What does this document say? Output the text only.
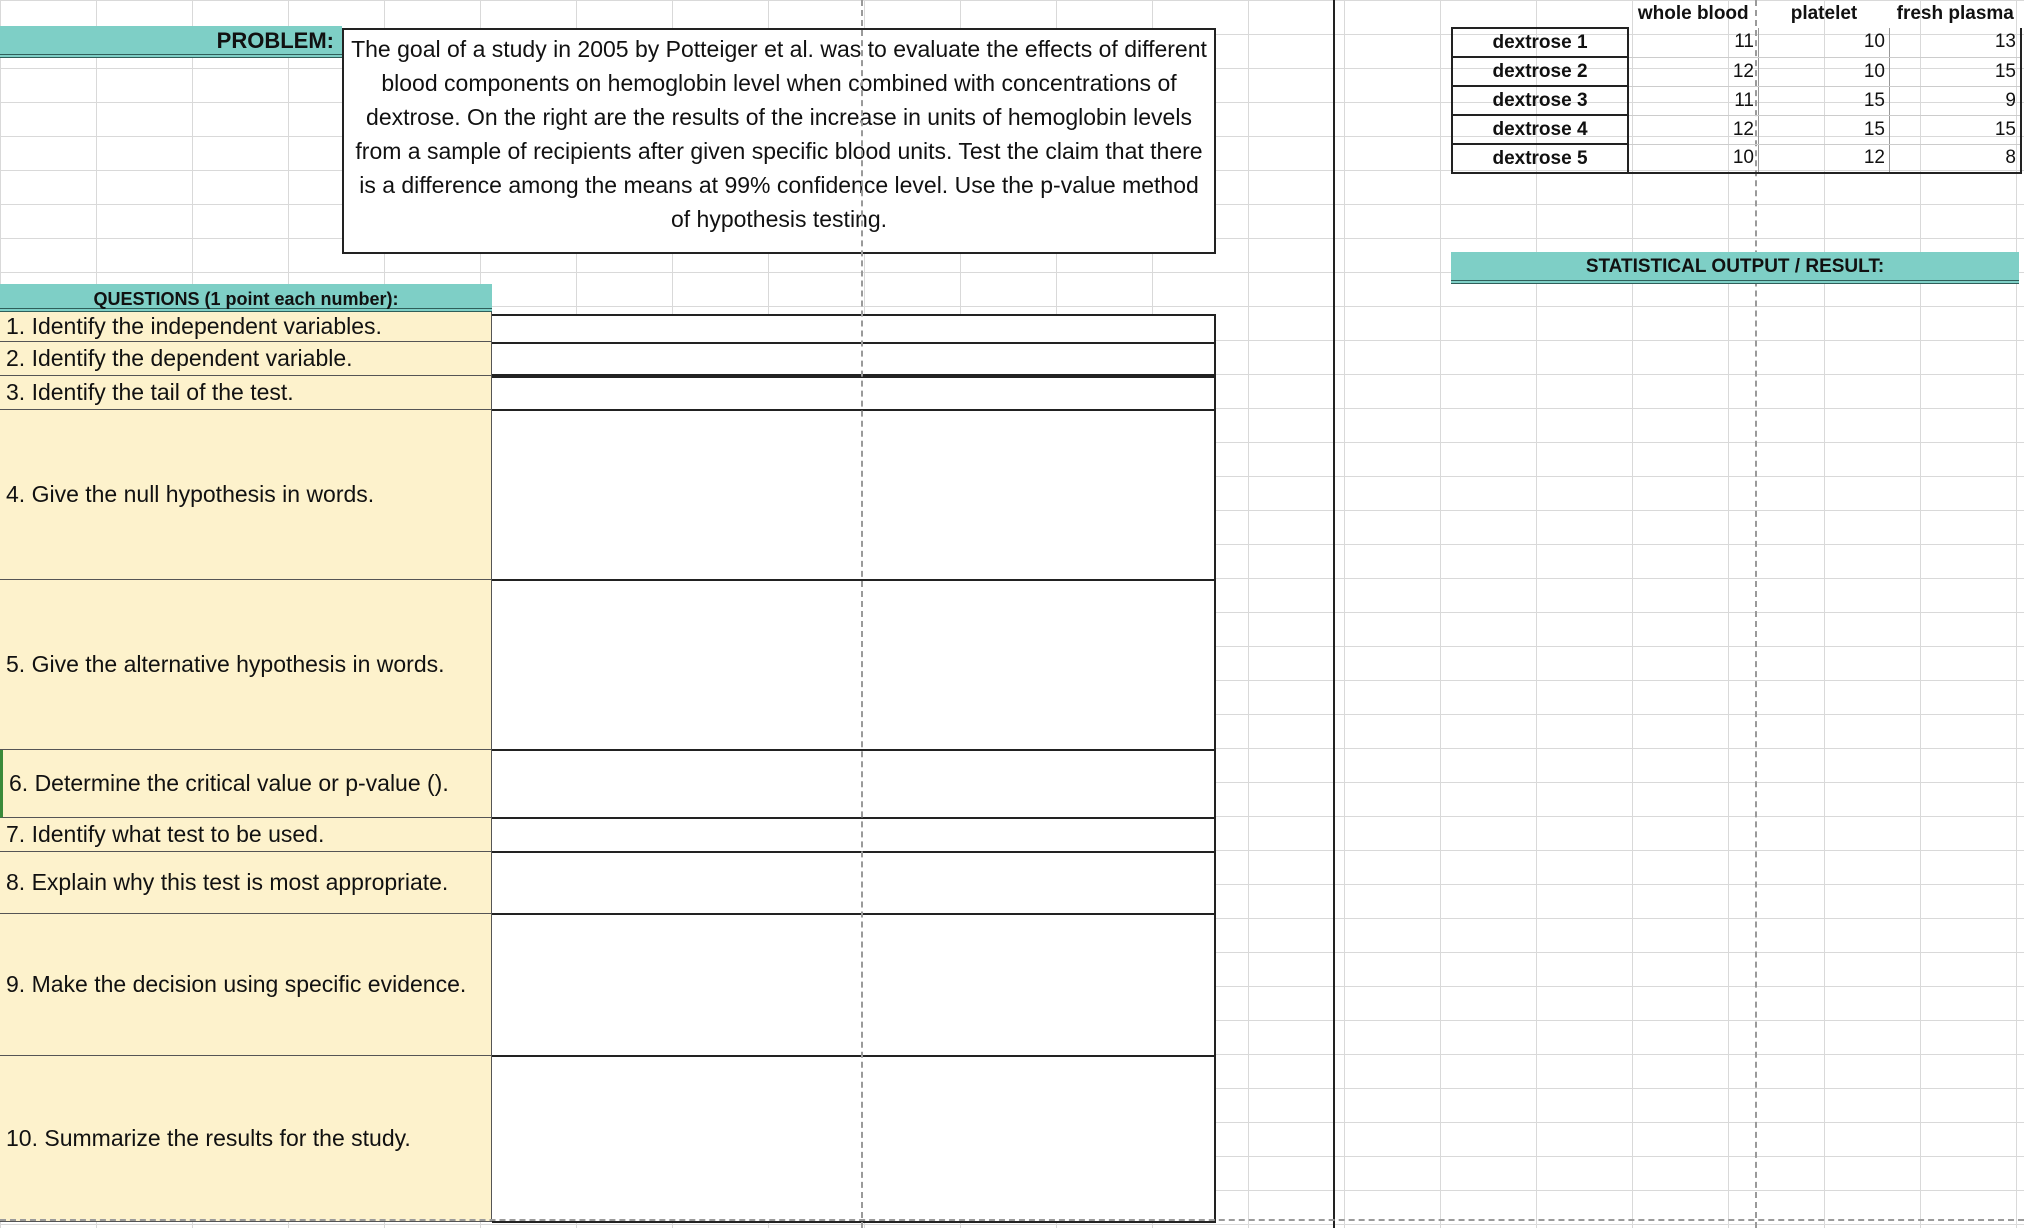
PROBLEM: The goal of a study in 2005 by Potteiger et al. was to evaluate the effects of different blood components on hemoglobin level when combined with concentrations of dextrose. On the right are the results of the increase in units of hemoglobin levels from a sample of recipients after given specific blood units. Test the claim that there is a difference among the means at 99% confidence level. Use the p-value method of hypothesis testing.
QUESTIONS (1 point each number):
1. Identify the independent variables.
2. Identify the dependent variable.
3. Identify the tail of the test.
4. Give the null hypothesis in words.
5. Give the alternative hypothesis in words.
6. Determine the critical value or p-value ().
7. Identify what test to be used.
8. Explain why this test is most appropriate.
9. Make the decision using specific evidence.
10. Summarize the results for the study.
	whole blood	platelet	fresh plasma
dextrose 1	11	10	13
dextrose 2	12	10	15
dextrose 3	11	15	9
dextrose 4	12	15	15
dextrose 5	10	12	8
STATISTICAL OUTPUT / RESULT:
